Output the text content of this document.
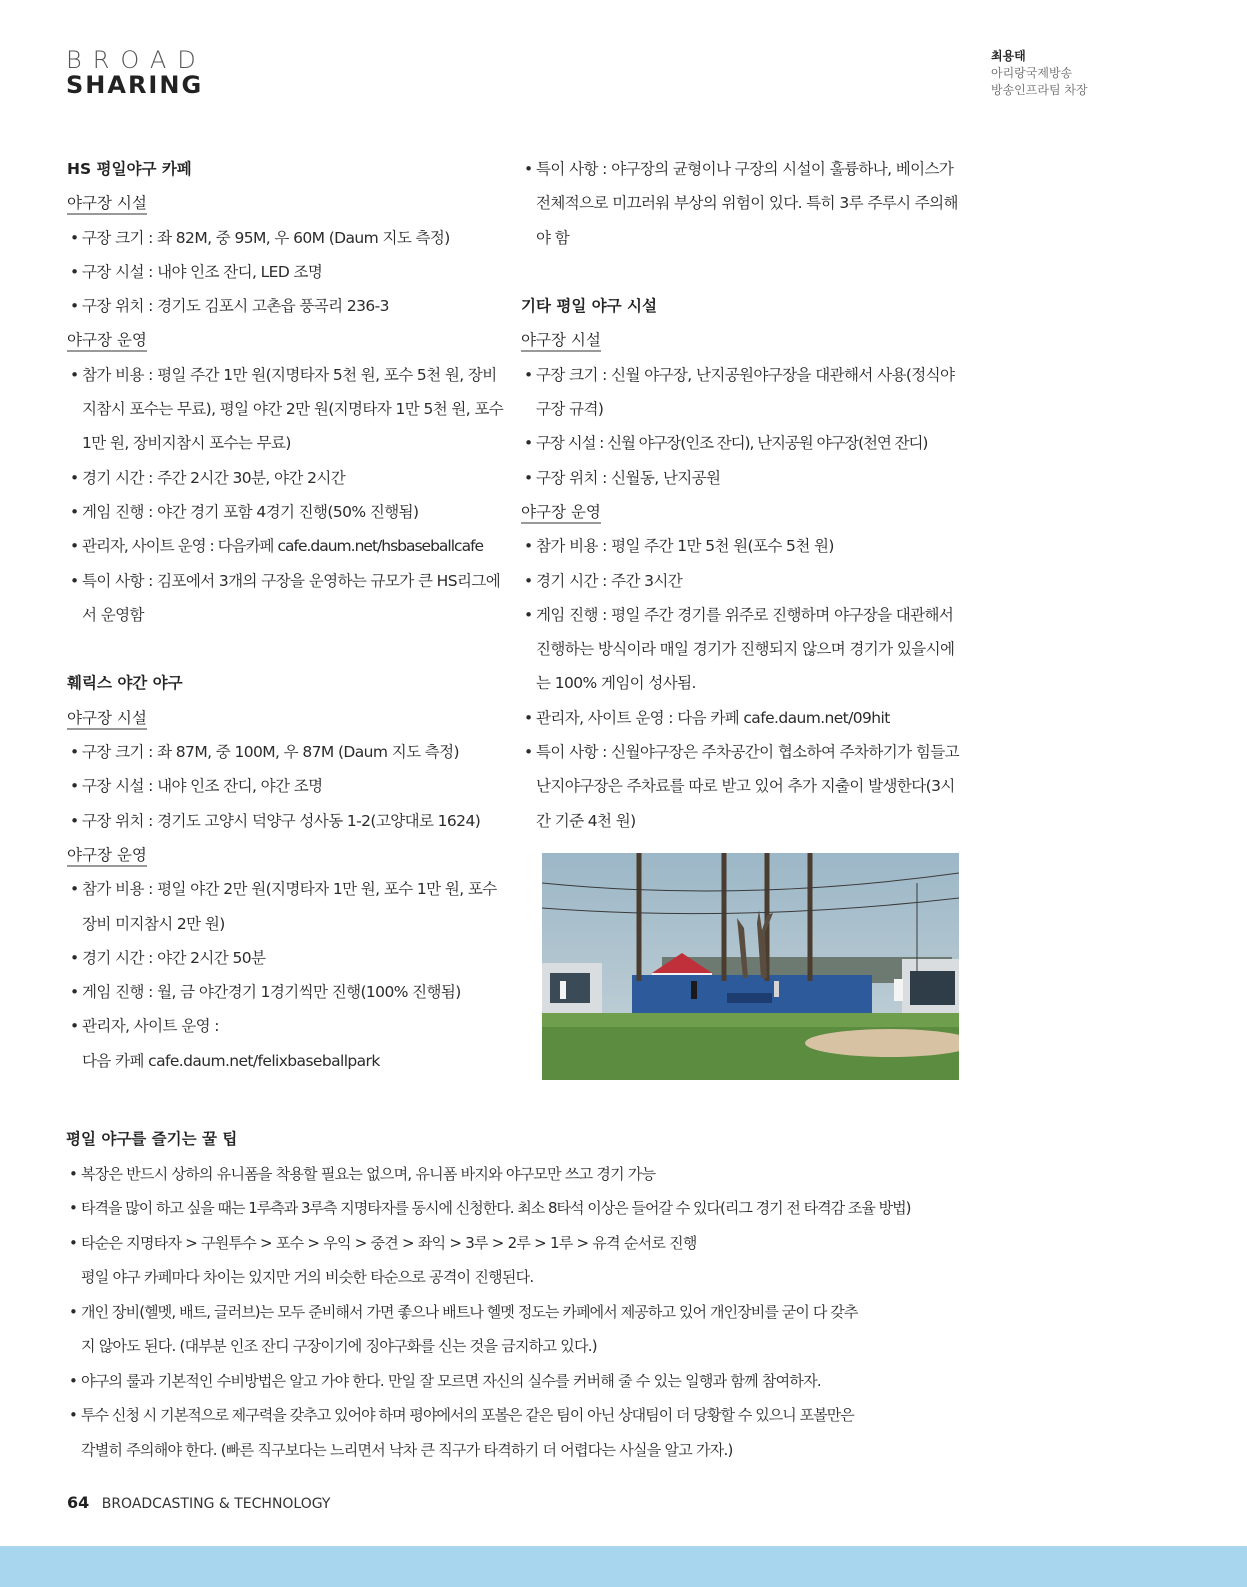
BROAD
SHARING
최용태
아리랑국제방송
방송인프라팀 차장
HS 평일야구 카페
야구장 시설
• 구장 크기 : 좌 82M, 중 95M, 우 60M (Daum 지도 측정)
• 구장 시설 : 내야 인조 잔디, LED 조명
• 구장 위치 : 경기도 김포시 고촌읍 풍곡리 236-3
야구장 운영
• 참가 비용 : 평일 주간 1만 원(지명타자 5천 원, 포수 5천 원, 장비지참시 포수는 무료), 평일 야간 2만 원(지명타자 1만 5천 원, 포수 1만 원, 장비지참시 포수는 무료)
• 경기 시간 : 주간 2시간 30분, 야간 2시간
• 게임 진행 : 야간 경기 포함 4경기 진행(50% 진행됨)
• 관리자, 사이트 운영 : 다음카페 cafe.daum.net/hsbaseballcafe
• 특이 사항 : 김포에서 3개의 구장을 운영하는 규모가 큰 HS리그에서 운영함
훼릭스 야간 야구
야구장 시설
• 구장 크기 : 좌 87M, 중 100M, 우 87M (Daum 지도 측정)
• 구장 시설 : 내야 인조 잔디, 야간 조명
• 구장 위치 : 경기도 고양시 덕양구 성사동 1-2(고양대로 1624)
야구장 운영
• 참가 비용 : 평일 야간 2만 원(지명타자 1만 원, 포수 1만 원, 포수장비 미지참시 2만 원)
• 경기 시간 : 야간 2시간 50분
• 게임 진행 : 월, 금 야간경기 1경기씩만 진행(100% 진행됨)
• 관리자, 사이트 운영 :
다음 카페 cafe.daum.net/felixbaseballpark
• 특이 사항 : 야구장의 균형이나 구장의 시설이 훌륭하나, 베이스가 전체적으로 미끄러워 부상의 위험이 있다. 특히 3루 주루시 주의해야 함
기타 평일 야구 시설
야구장 시설
• 구장 크기 : 신월 야구장, 난지공원야구장을 대관해서 사용(정식야구장 규격)
• 구장 시설 : 신월 야구장(인조 잔디), 난지공원 야구장(천연 잔디)
• 구장 위치 : 신월동, 난지공원
야구장 운영
• 참가 비용 : 평일 주간 1만 5천 원(포수 5천 원)
• 경기 시간 : 주간 3시간
• 게임 진행 : 평일 주간 경기를 위주로 진행하며 야구장을 대관해서 진행하는 방식이라 매일 경기가 진행되지 않으며 경기가 있을시에는 100% 게임이 성사됨.
• 관리자, 사이트 운영 : 다음 카페 cafe.daum.net/09hit
• 특이 사항 : 신월야구장은 주차공간이 협소하여 주차하기가 힘들고 난지야구장은 주차료를 따로 받고 있어 추가 지출이 발생한다(3시간 기준 4천 원)
평일 야구를 즐기는 꿀 팁
• 복장은 반드시 상하의 유니폼을 착용할 필요는 없으며, 유니폼 바지와 야구모만 쓰고 경기 가능
• 타격을 많이 하고 싶을 때는 1루측과 3루측 지명타자를 동시에 신청한다. 최소 8타석 이상은 들어갈 수 있다(리그 경기 전 타격감 조율 방법)
• 타순은 지명타자 > 구원투수 > 포수 > 우익 > 중견 > 좌익 > 3루 > 2루 > 1루 > 유격 순서로 진행
평일 야구 카페마다 차이는 있지만 거의 비슷한 타순으로 공격이 진행된다.
• 개인 장비(헬멧, 배트, 글러브)는 모두 준비해서 가면 좋으나 배트나 헬멧 정도는 카페에서 제공하고 있어 개인장비를 굳이 다 갖추
지 않아도 된다. (대부분 인조 잔디 구장이기에 징야구화를 신는 것을 금지하고 있다.)
• 야구의 룰과 기본적인 수비방법은 알고 가야 한다. 만일 잘 모르면 자신의 실수를 커버해 줄 수 있는 일행과 함께 참여하자.
• 투수 신청 시 기본적으로 제구력을 갖추고 있어야 하며 평야에서의 포볼은 같은 팀이 아닌 상대팀이 더 당황할 수 있으니 포볼만은
각별히 주의해야 한다. (빠른 직구보다는 느리면서 낙차 큰 직구가 타격하기 더 어렵다는 사실을 알고 가자.)
64 BROADCASTING & TECHNOLOGY
